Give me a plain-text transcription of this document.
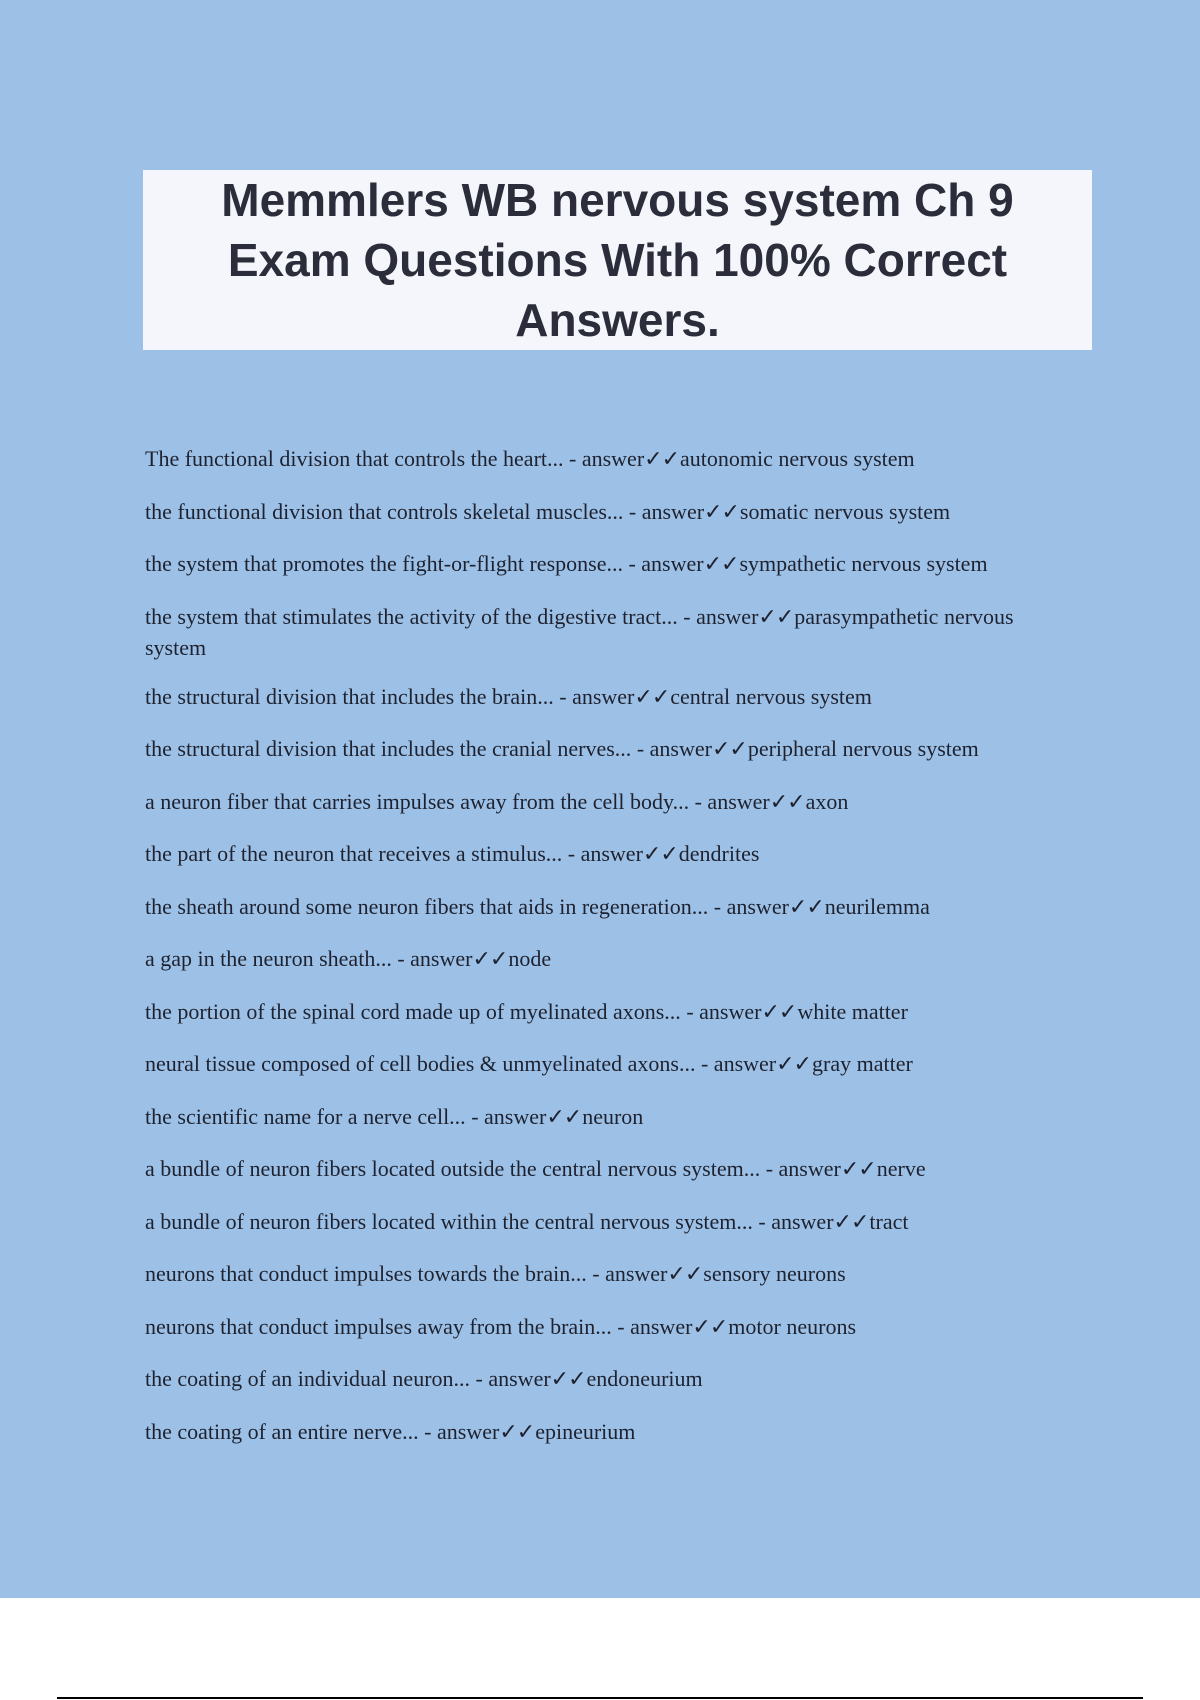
Memmlers WB nervous system Ch 9 Exam Questions With 100% Correct Answers.
The functional division that controls the heart... - answer✓✓autonomic nervous system
the functional division that controls skeletal muscles... - answer✓✓somatic nervous system
the system that promotes the fight-or-flight response... - answer✓✓sympathetic nervous system
the system that stimulates the activity of the digestive tract... - answer✓✓parasympathetic nervous system
the structural division that includes the brain... - answer✓✓central nervous system
the structural division that includes the cranial nerves... - answer✓✓peripheral nervous system
a neuron fiber that carries impulses away from the cell body... - answer✓✓axon
the part of the neuron that receives a stimulus... - answer✓✓dendrites
the sheath around some neuron fibers that aids in regeneration... - answer✓✓neurilemma
a gap in the neuron sheath... - answer✓✓node
the portion of the spinal cord made up of myelinated axons... - answer✓✓white matter
neural tissue composed of cell bodies & unmyelinated axons... - answer✓✓gray matter
the scientific name for a nerve cell... - answer✓✓neuron
a bundle of neuron fibers located outside the central nervous system... - answer✓✓nerve
a bundle of neuron fibers located within the central nervous system... - answer✓✓tract
neurons that conduct impulses towards the brain... - answer✓✓sensory neurons
neurons that conduct impulses away from the brain... - answer✓✓motor neurons
the coating of an individual neuron... - answer✓✓endoneurium
the coating of an entire nerve... - answer✓✓epineurium
